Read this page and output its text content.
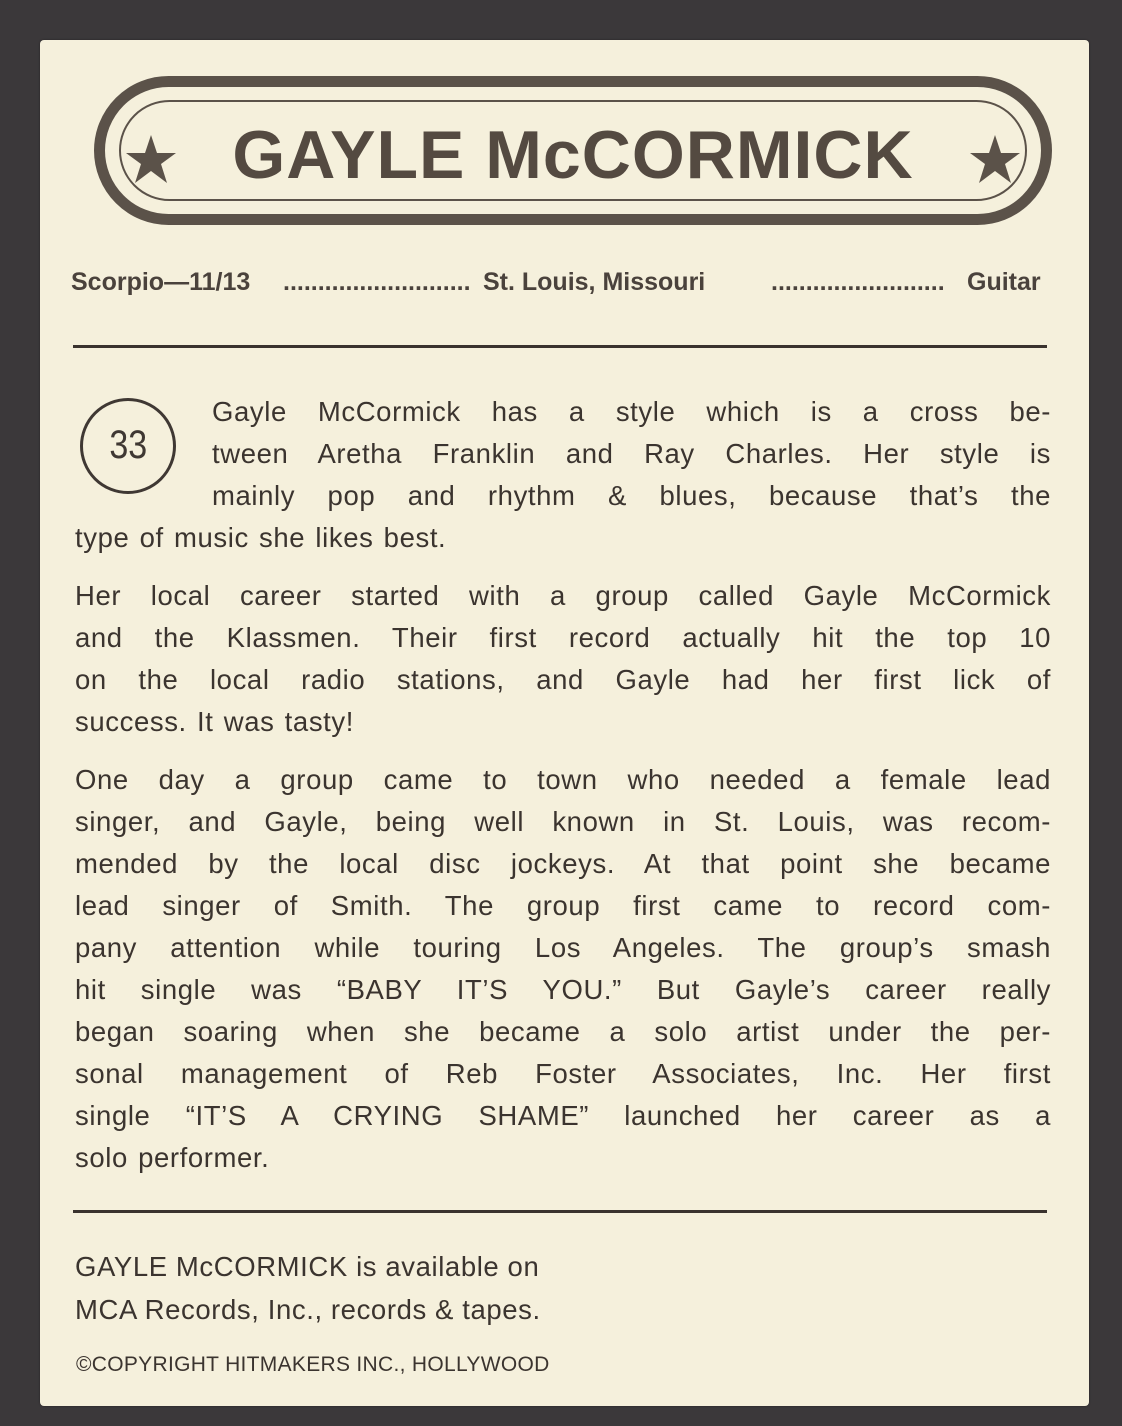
GAYLE McCORMICK
Scorpio—11/13 ........................... St. Louis, Missouri	......................... Guitar
33
Gayle McCormick has a style which is a cross be-
tween Aretha Franklin and Ray Charles. Her style is
mainly pop and rhythm & blues, because that’s the
type of music she likes best.
Her local career started with a group called Gayle McCormick
and the Klassmen. Their first record actually hit the top 10
on the local radio stations, and Gayle had her first lick of
success. It was tasty!
One day a group came to town who needed a female lead
singer, and Gayle, being well known in St. Louis, was recom-
mended by the local disc jockeys. At that point she became
lead singer of Smith. The group first came to record com-
pany attention while touring Los Angeles. The group’s smash
hit single was “BABY IT’S YOU.” But Gayle’s career really
began soaring when she became a solo artist under the per-
sonal management of Reb Foster Associates, Inc. Her first
single “IT’S A CRYING SHAME” launched her career as a
solo performer.
GAYLE McCORMICK is available on
MCA Records, Inc., records & tapes.
©COPYRIGHT HITMAKERS INC., HOLLYWOOD
